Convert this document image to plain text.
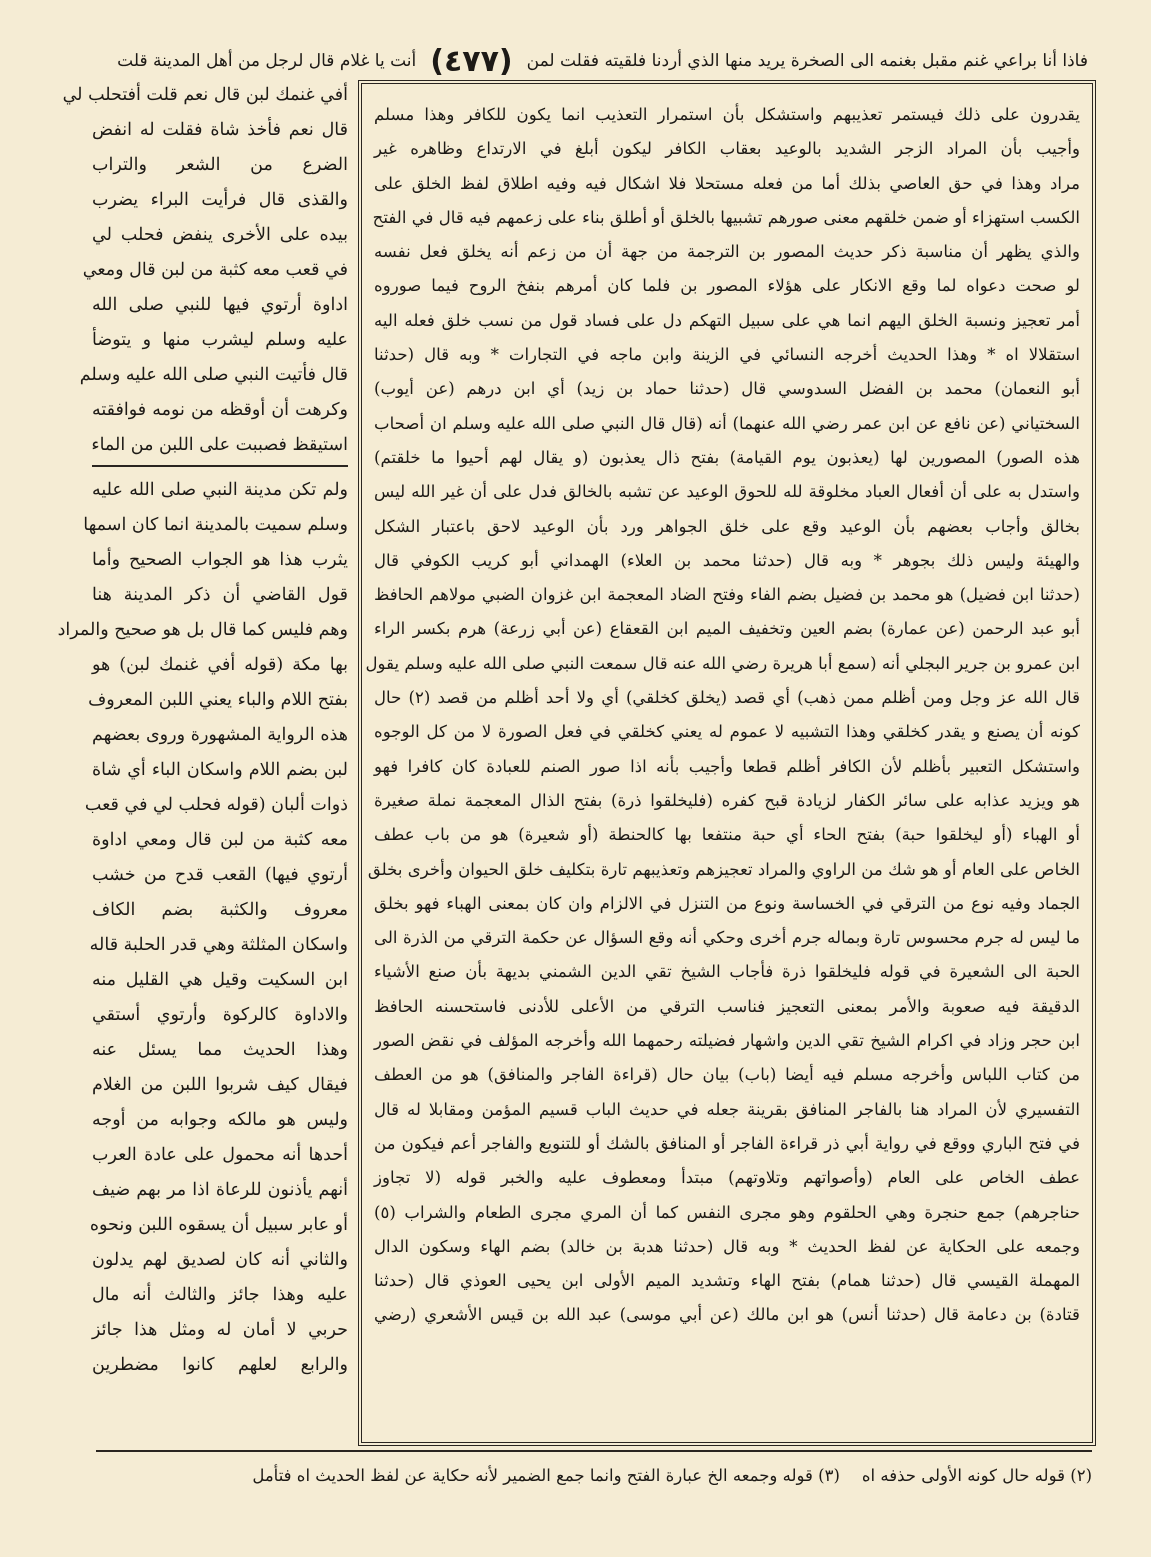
فاذا أنا براعي غنم مقبل بغنمه الى الصخرة يريد منها الذي أردنا فلقيته فقلت لمن
(٤٧٧)
أنت يا غلام قال لرجل من أهل المدينة قلت
يقدرون على ذلك فيستمر تعذيبهم واستشكل بأن استمرار التعذيب انما يكون للكافر وهذا مسلم
وأجيب بأن المراد الزجر الشديد بالوعيد بعقاب الكافر ليكون أبلغ في الارتداع وظاهره غير
مراد وهذا في حق العاصي بذلك أما من فعله مستحلا فلا اشكال فيه وفيه اطلاق لفظ الخلق على
الكسب استهزاء أو ضمن خلقهم معنى صورهم تشبيها بالخلق أو أطلق بناء على زعمهم فيه قال في الفتح
والذي يظهر أن مناسبة ذكر حديث المصور بن الترجمة من جهة أن من زعم أنه يخلق فعل نفسه
لو صحت دعواه لما وقع الانكار على هؤلاء المصور بن فلما كان أمرهم بنفخ الروح فيما صوروه
أمر تعجيز ونسبة الخلق اليهم انما هي على سبيل التهكم دل على فساد قول من نسب خلق فعله اليه
استقلالا اه * وهذا الحديث أخرجه النسائي في الزينة وابن ماجه في التجارات * وبه قال (حدثنا
أبو النعمان) محمد بن الفضل السدوسي قال (حدثنا حماد بن زيد) أي ابن درهم (عن أيوب)
السختياني (عن نافع عن ابن عمر رضي الله عنهما) أنه (قال قال النبي صلى الله عليه وسلم ان أصحاب
هذه الصور) المصورين لها (يعذبون يوم القيامة) بفتح ذال يعذبون (و يقال لهم أحيوا ما خلقتم)
واستدل به على أن أفعال العباد مخلوقة لله للحوق الوعيد عن تشبه بالخالق فدل على أن غير الله ليس
بخالق وأجاب بعضهم بأن الوعيد وقع على خلق الجواهر ورد بأن الوعيد لاحق باعتبار الشكل
والهيئة وليس ذلك بجوهر * وبه قال (حدثنا محمد بن العلاء) الهمداني أبو كريب الكوفي قال
(حدثنا ابن فضيل) هو محمد بن فضيل بضم الفاء وفتح الضاد المعجمة ابن غزوان الضبي مولاهم الحافظ
أبو عبد الرحمن (عن عمارة) بضم العين وتخفيف الميم ابن القعقاع (عن أبي زرعة) هرم بكسر الراء
ابن عمرو بن جرير البجلي أنه (سمع أبا هريرة رضي الله عنه قال سمعت النبي صلى الله عليه وسلم يقول
قال الله عز وجل ومن أظلم ممن ذهب) أي قصد (يخلق كخلقي) أي ولا أحد أظلم من قصد (٢) حال
كونه أن يصنع و يقدر كخلقي وهذا التشبيه لا عموم له يعني كخلقي في فعل الصورة لا من كل الوجوه
واستشكل التعبير بأظلم لأن الكافر أظلم قطعا وأجيب بأنه اذا صور الصنم للعبادة كان كافرا فهو
هو ويزيد عذابه على سائر الكفار لزيادة قبح كفره (فليخلقوا ذرة) بفتح الذال المعجمة نملة صغيرة
أو الهباء (أو ليخلقوا حبة) بفتح الحاء أي حبة منتفعا بها كالحنطة (أو شعيرة) هو من باب عطف
الخاص على العام أو هو شك من الراوي والمراد تعجيزهم وتعذيبهم تارة بتكليف خلق الحيوان وأخرى بخلق
الجماد وفيه نوع من الترقي في الخساسة ونوع من التنزل في الالزام وان كان بمعنى الهباء فهو بخلق
ما ليس له جرم محسوس تارة وبماله جرم أخرى وحكي أنه وقع السؤال عن حكمة الترقي من الذرة الى
الحبة الى الشعيرة في قوله فليخلقوا ذرة فأجاب الشيخ تقي الدين الشمني بديهة بأن صنع الأشياء
الدقيقة فيه صعوبة والأمر بمعنى التعجيز فناسب الترقي من الأعلى للأدنى فاستحسنه الحافظ
ابن حجر وزاد في اكرام الشيخ تقي الدين واشهار فضيلته رحمهما الله وأخرجه المؤلف في نقض الصور
من كتاب اللباس وأخرجه مسلم فيه أيضا (باب) بيان حال (قراءة الفاجر والمنافق) هو من العطف
التفسيري لأن المراد هنا بالفاجر المنافق بقرينة جعله في حديث الباب قسيم المؤمن ومقابلا له قال
في فتح الباري ووقع في رواية أبي ذر قراءة الفاجر أو المنافق بالشك أو للتنويع والفاجر أعم فيكون من
عطف الخاص على العام (وأصواتهم وتلاوتهم) مبتدأ ومعطوف عليه والخبر قوله (لا تجاوز
حناجرهم) جمع حنجرة وهي الحلقوم وهو مجرى النفس كما أن المري مجرى الطعام والشراب (٥)
وجمعه على الحكاية عن لفظ الحديث * وبه قال (حدثنا هدبة بن خالد) بضم الهاء وسكون الدال
المهملة القيسي قال (حدثنا همام) بفتح الهاء وتشديد الميم الأولى ابن يحيى العوذي قال (حدثنا
قتادة) بن دعامة قال (حدثنا أنس) هو ابن مالك (عن أبي موسى) عبد الله بن قيس الأشعري (رضي
أفي غنمك لبن قال نعم قلت أفتحلب لي
قال نعم فأخذ شاة فقلت له انفض
الضرع من الشعر والتراب
والقذى قال فرأيت البراء يضرب
بيده على الأخرى ينفض فحلب لي
في قعب معه كثبة من لبن قال ومعي
اداوة أرتوي فيها للنبي صلى الله
عليه وسلم ليشرب منها و يتوضأ
قال فأتيت النبي صلى الله عليه وسلم
وكرهت أن أوقظه من نومه فوافقته
استيقظ فصببت على اللبن من الماء
ولم تكن مدينة النبي صلى الله عليه
وسلم سميت بالمدينة انما كان اسمها
يثرب هذا هو الجواب الصحيح وأما
قول القاضي أن ذكر المدينة هنا
وهم فليس كما قال بل هو صحيح والمراد
بها مكة (قوله أفي غنمك لبن) هو
بفتح اللام والباء يعني اللبن المعروف
هذه الرواية المشهورة وروى بعضهم
لبن بضم اللام واسكان الباء أي شاة
ذوات ألبان (قوله فحلب لي في قعب
معه كثبة من لبن قال ومعي اداوة
أرتوي فيها) القعب قدح من خشب
معروف والكثبة بضم الكاف
واسكان المثلثة وهي قدر الحلبة قاله
ابن السكيت وقيل هي القليل منه
والاداوة كالركوة وأرتوي أستقي
وهذا الحديث مما يسئل عنه
فيقال كيف شربوا اللبن من الغلام
وليس هو مالكه وجوابه من أوجه
أحدها أنه محمول على عادة العرب
أنهم يأذنون للرعاة اذا مر بهم ضيف
أو عابر سبيل أن يسقوه اللبن ونحوه
والثاني أنه كان لصديق لهم يدلون
عليه وهذا جائز والثالث أنه مال
حربي لا أمان له ومثل هذا جائز
والرابع لعلهم كانوا مضطرين
(٢) قوله حال كونه الأولى حذفه اه
(٣) قوله وجمعه الخ عبارة الفتح وانما جمع الضمير لأنه حكاية عن لفظ الحديث اه فتأمل
